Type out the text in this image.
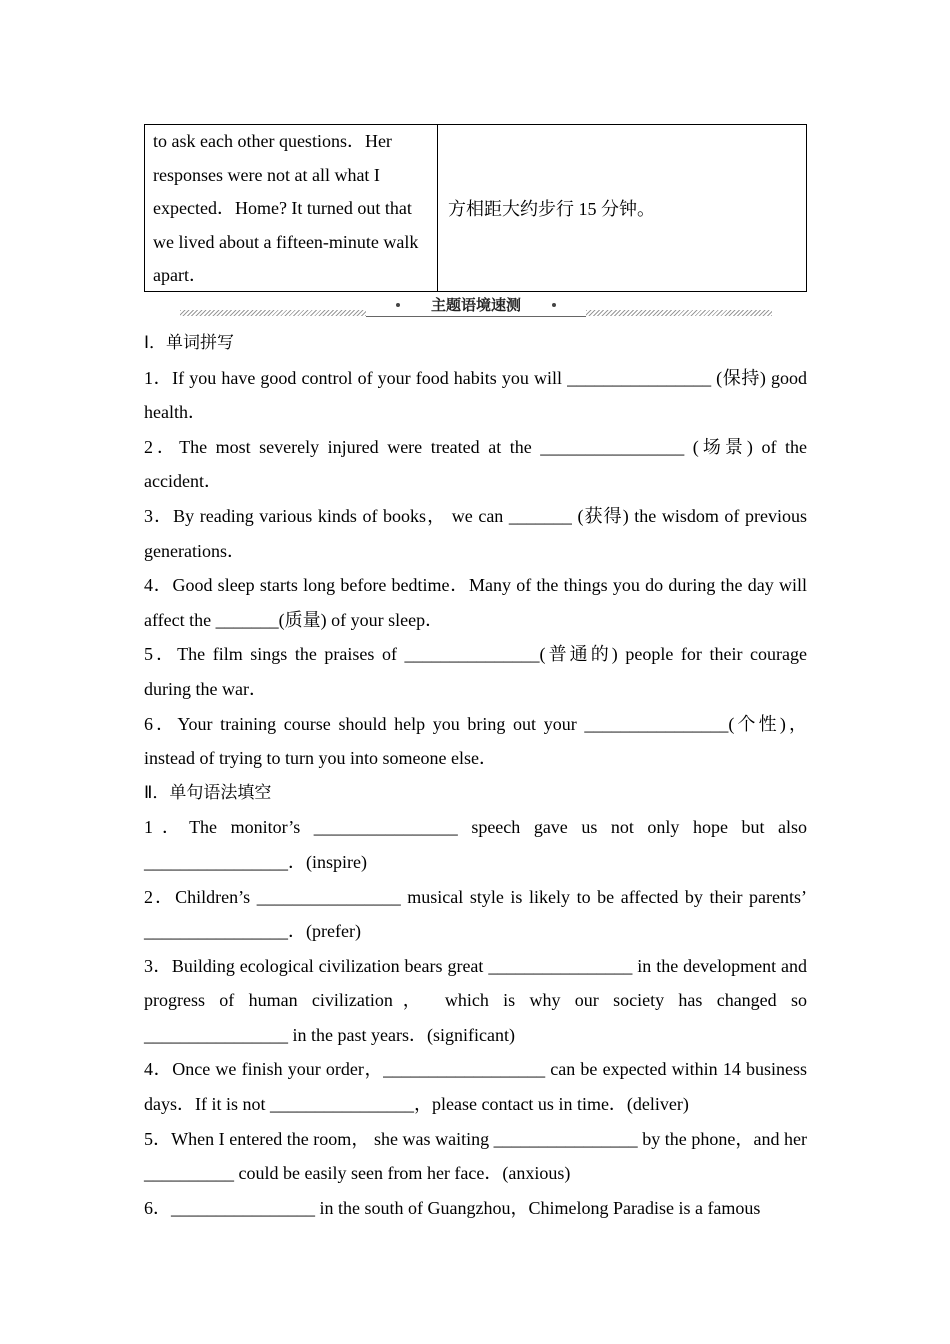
to ask each other questions．Her responses were not at all what I expected．Home? It turned out that we lived about a fifteen-minute walk apart．
方相距大约步行 15 分钟。
主题语境速测
Ⅰ．单词拼写
1．If you have good control of your food habits you will ________________ (保持) good health．
2．The most severely injured were treated at the ________________ (场景) of the accident．
3．By reading various kinds of books， we can _______ (获得) the wisdom of previous generations．
4．Good sleep starts long before bedtime．Many of the things you do during the day will affect the _______(质量) of your sleep．
5．The film sings the praises of _______________(普通的) people for their courage during the war．
6．Your training course should help you bring out your ________________(个性)，instead of trying to turn you into someone else．
Ⅱ．单句语法填空
1．The monitor’s ________________ speech gave us not only hope but also ________________．(inspire)
2．Children’s ________________ musical style is likely to be affected by their parents’ ________________．(prefer)
3．Building ecological civilization bears great ________________ in the development and progress of human civilization， which is why our society has changed so ________________ in the past years．(significant)
4．Once we finish your order，__________________ can be expected within 14 business days．If it is not ________________，please contact us in time．(deliver)
5．When I entered the room， she was waiting ________________ by the phone，and her __________ could be easily seen from her face．(anxious)
6．________________ in the south of Guangzhou，Chimelong Paradise is a famous
